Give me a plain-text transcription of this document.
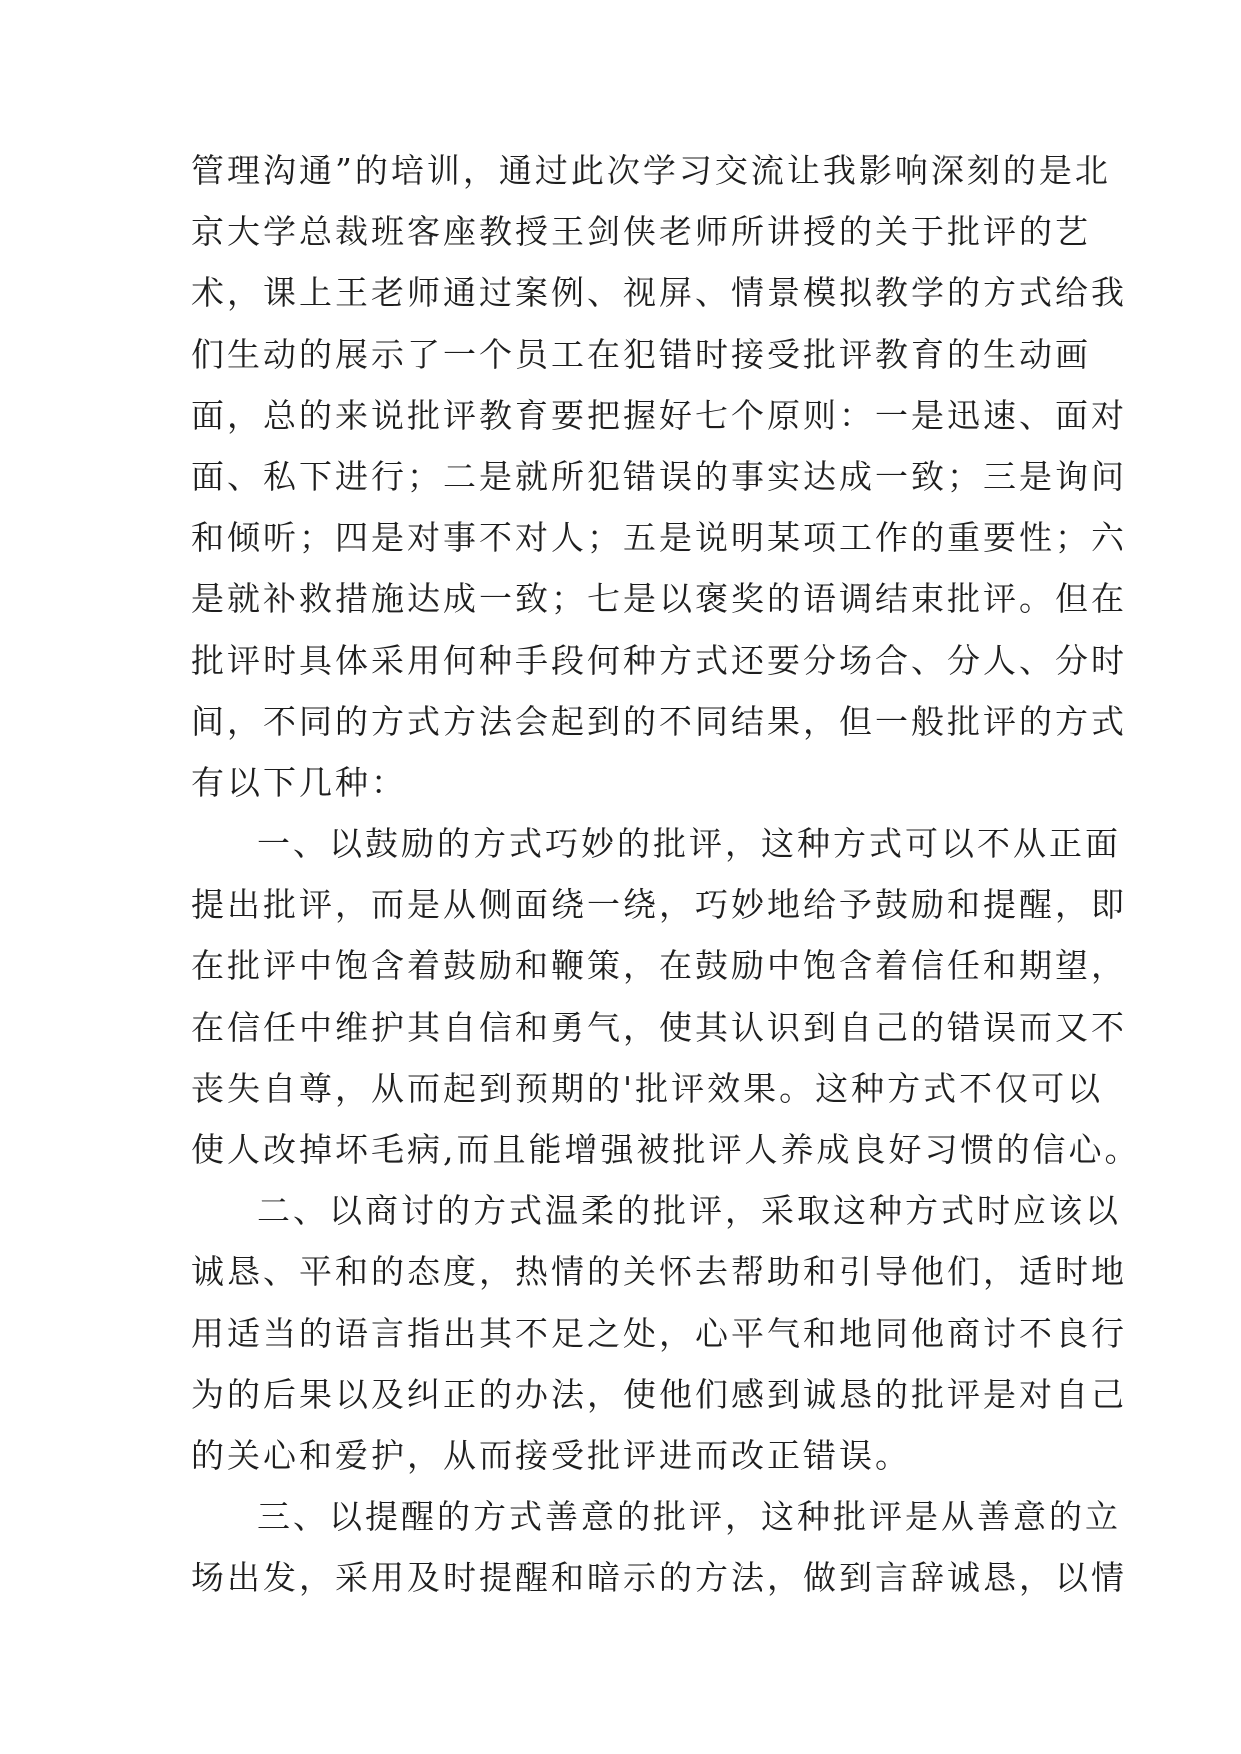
管理沟通”的培训，通过此次学习交流让我影响深刻的是北
京大学总裁班客座教授王剑侠老师所讲授的关于批评的艺
术，课上王老师通过案例、视屏、情景模拟教学的方式给我
们生动的展示了一个员工在犯错时接受批评教育的生动画
面，总的来说批评教育要把握好七个原则：一是迅速、面对
面、私下进行；二是就所犯错误的事实达成一致；三是询问
和倾听；四是对事不对人；五是说明某项工作的重要性；六
是就补救措施达成一致；七是以褒奖的语调结束批评。但在
批评时具体采用何种手段何种方式还要分场合、分人、分时
间，不同的方式方法会起到的不同结果，但一般批评的方式
有以下几种：
一、以鼓励的方式巧妙的批评，这种方式可以不从正面
提出批评，而是从侧面绕一绕，巧妙地给予鼓励和提醒，即
在批评中饱含着鼓励和鞭策，在鼓励中饱含着信任和期望，
在信任中维护其自信和勇气，使其认识到自己的错误而又不
丧失自尊，从而起到预期的'批评效果。这种方式不仅可以
使人改掉坏毛病,而且能增强被批评人养成良好习惯的信心。
二、以商讨的方式温柔的批评，采取这种方式时应该以
诚恳、平和的态度，热情的关怀去帮助和引导他们，适时地
用适当的语言指出其不足之处，心平气和地同他商讨不良行
为的后果以及纠正的办法，使他们感到诚恳的批评是对自己
的关心和爱护，从而接受批评进而改正错误。
三、以提醒的方式善意的批评，这种批评是从善意的立
场出发，采用及时提醒和暗示的方法，做到言辞诚恳，以情
